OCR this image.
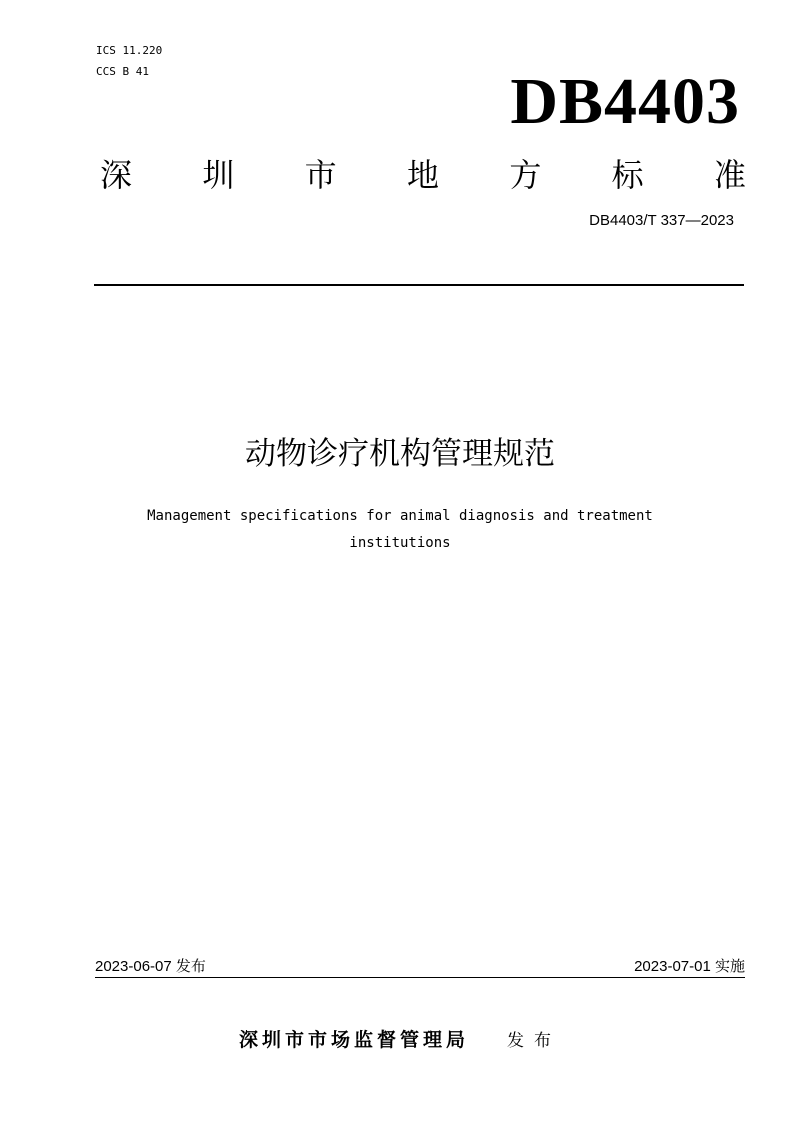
ICS 11.220
CCS B 41	DB4403
深 圳 市 地 方 标 准
DB4403/T 337—2023
动物诊疗机构管理规范
Management specifications for animal diagnosis and treatment
institutions
2023-06-07 发布	2023-07-01 实施
深圳市市场监督管理局 发布
